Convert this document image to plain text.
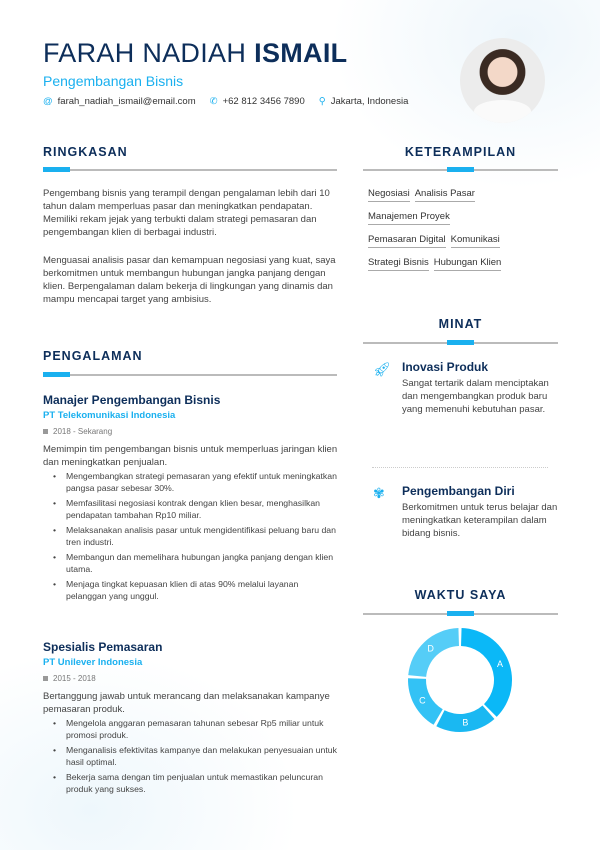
FARAH NADIAH ISMAIL
Pengembangan Bisnis
@ farah_nadiah_ismail@email.com ✆ +62 812 3456 7890 ⚲ Jakarta, Indonesia
RINGKASAN
Pengembang bisnis yang terampil dengan pengalaman lebih dari 10 tahun dalam memperluas pasar dan meningkatkan pendapatan. Memiliki rekam jejak yang terbukti dalam strategi pemasaran dan pengembangan klien di berbagai industri.
Menguasai analisis pasar dan kemampuan negosiasi yang kuat, saya berkomitmen untuk membangun hubungan jangka panjang dengan klien. Berpengalaman dalam bekerja di lingkungan yang dinamis dan mampu mencapai target yang ambisius.
KETERAMPILAN
Negosiasi Analisis Pasar
Manajemen Proyek
Pemasaran Digital Komunikasi
Strategi Bisnis Hubungan Klien
MINAT
🚀︎ Inovasi Produk
Sangat tertarik dalam menciptakan dan mengembangkan produk baru yang memenuhi kebutuhan pasar.
✾ Pengembangan Diri
Berkomitmen untuk terus belajar dan meningkatkan keterampilan dalam bidang bisnis.
WAKTU SAYA
A
B
C
D
PENGALAMAN
Manajer Pengembangan Bisnis
PT Telekomunikasi Indonesia
2018 - Sekarang
Memimpin tim pengembangan bisnis untuk memperluas jaringan klien dan meningkatkan penjualan.
• Mengembangkan strategi pemasaran yang efektif untuk meningkatkan pangsa pasar sebesar 30%.
• Memfasilitasi negosiasi kontrak dengan klien besar, menghasilkan pendapatan tambahan Rp10 miliar.
• Melaksanakan analisis pasar untuk mengidentifikasi peluang baru dan tren industri.
• Membangun dan memelihara hubungan jangka panjang dengan klien utama.
• Menjaga tingkat kepuasan klien di atas 90% melalui layanan pelanggan yang unggul.
Spesialis Pemasaran
PT Unilever Indonesia
2015 - 2018
Bertanggung jawab untuk merancang dan melaksanakan kampanye pemasaran produk.
• Mengelola anggaran pemasaran tahunan sebesar Rp5 miliar untuk promosi produk.
• Menganalisis efektivitas kampanye dan melakukan penyesuaian untuk hasil optimal.
• Bekerja sama dengan tim penjualan untuk memastikan peluncuran produk yang sukses.
